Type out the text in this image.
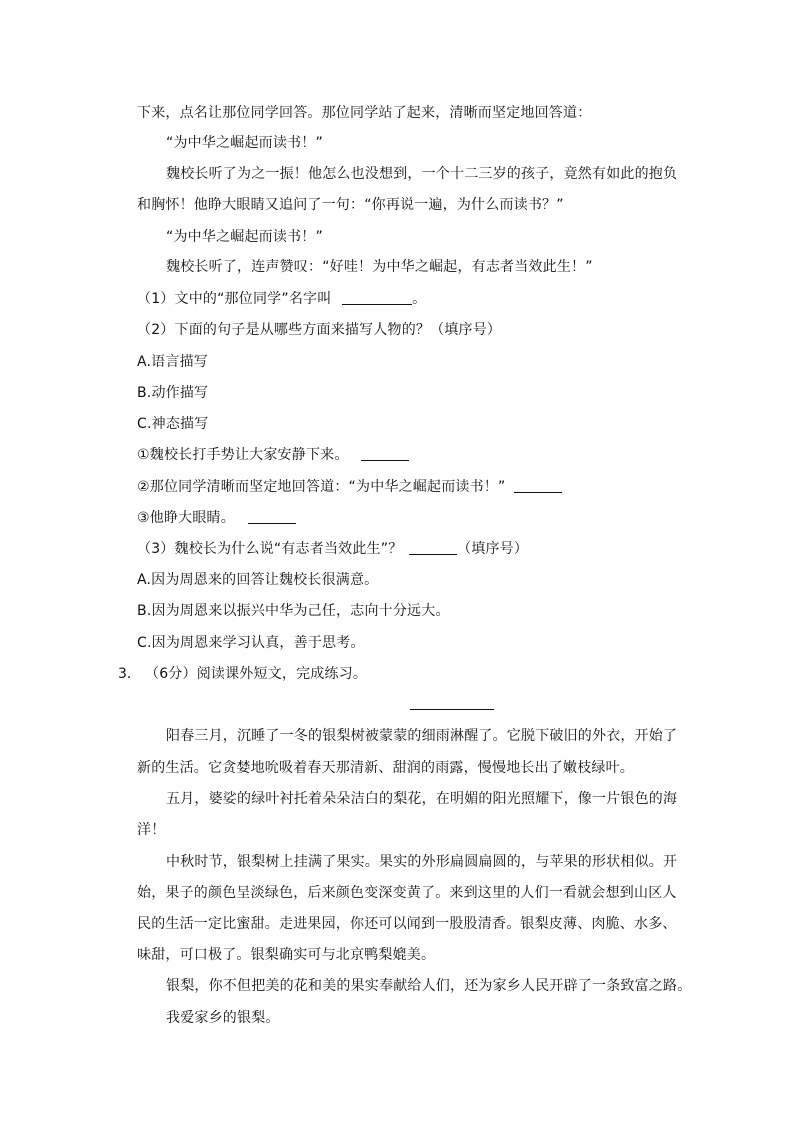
下来，点名让那位同学回答。那位同学站了起来，清晰而坚定地回答道：
“为中华之崛起而读书！”
魏校长听了为之一振！他怎么也没想到，一个十二三岁的孩子，竟然有如此的抱负
和胸怀！他睁大眼睛又追问了一句：“你再说一遍，为什么而读书？”
“为中华之崛起而读书！”
魏校长听了，连声赞叹：“好哇！为中华之崛起，有志者当效此生！”
（1）文中的“那位同学”名字叫	。
（2）下面的句子是从哪些方面来描写人物的？（填序号）
A.语言描写
B.动作描写
C.神态描写
①魏校长打手势让大家安静下来。
②那位同学清晰而坚定地回答道：“为中华之崛起而读书！”
③他睁大眼睛。
（3）魏校长为什么说“有志者当效此生”？	（填序号）
A.因为周恩来的回答让魏校长很满意。
B.因为周恩来以振兴中华为己任，志向十分远大。
C.因为周恩来学习认真，善于思考。
3． （6分）阅读课外短文，完成练习。
阳春三月，沉睡了一冬的银梨树被蒙蒙的细雨淋醒了。它脱下破旧的外衣，开始了
新的生活。它贪婪地吮吸着春天那清新、甜润的雨露，慢慢地长出了嫩枝绿叶。
五月，婆娑的绿叶衬托着朵朵洁白的梨花，在明媚的阳光照耀下，像一片银色的海
洋！
中秋时节，银梨树上挂满了果实。果实的外形扁圆扁圆的，与苹果的形状相似。开
始，果子的颜色呈淡绿色，后来颜色变深变黄了。来到这里的人们一看就会想到山区人
民的生活一定比蜜甜。走进果园，你还可以闻到一股股清香。银梨皮薄、肉脆、水多、
味甜，可口极了。银梨确实可与北京鸭梨媲美。
银梨，你不但把美的花和美的果实奉献给人们，还为家乡人民开辟了一条致富之路。
我爱家乡的银梨。
